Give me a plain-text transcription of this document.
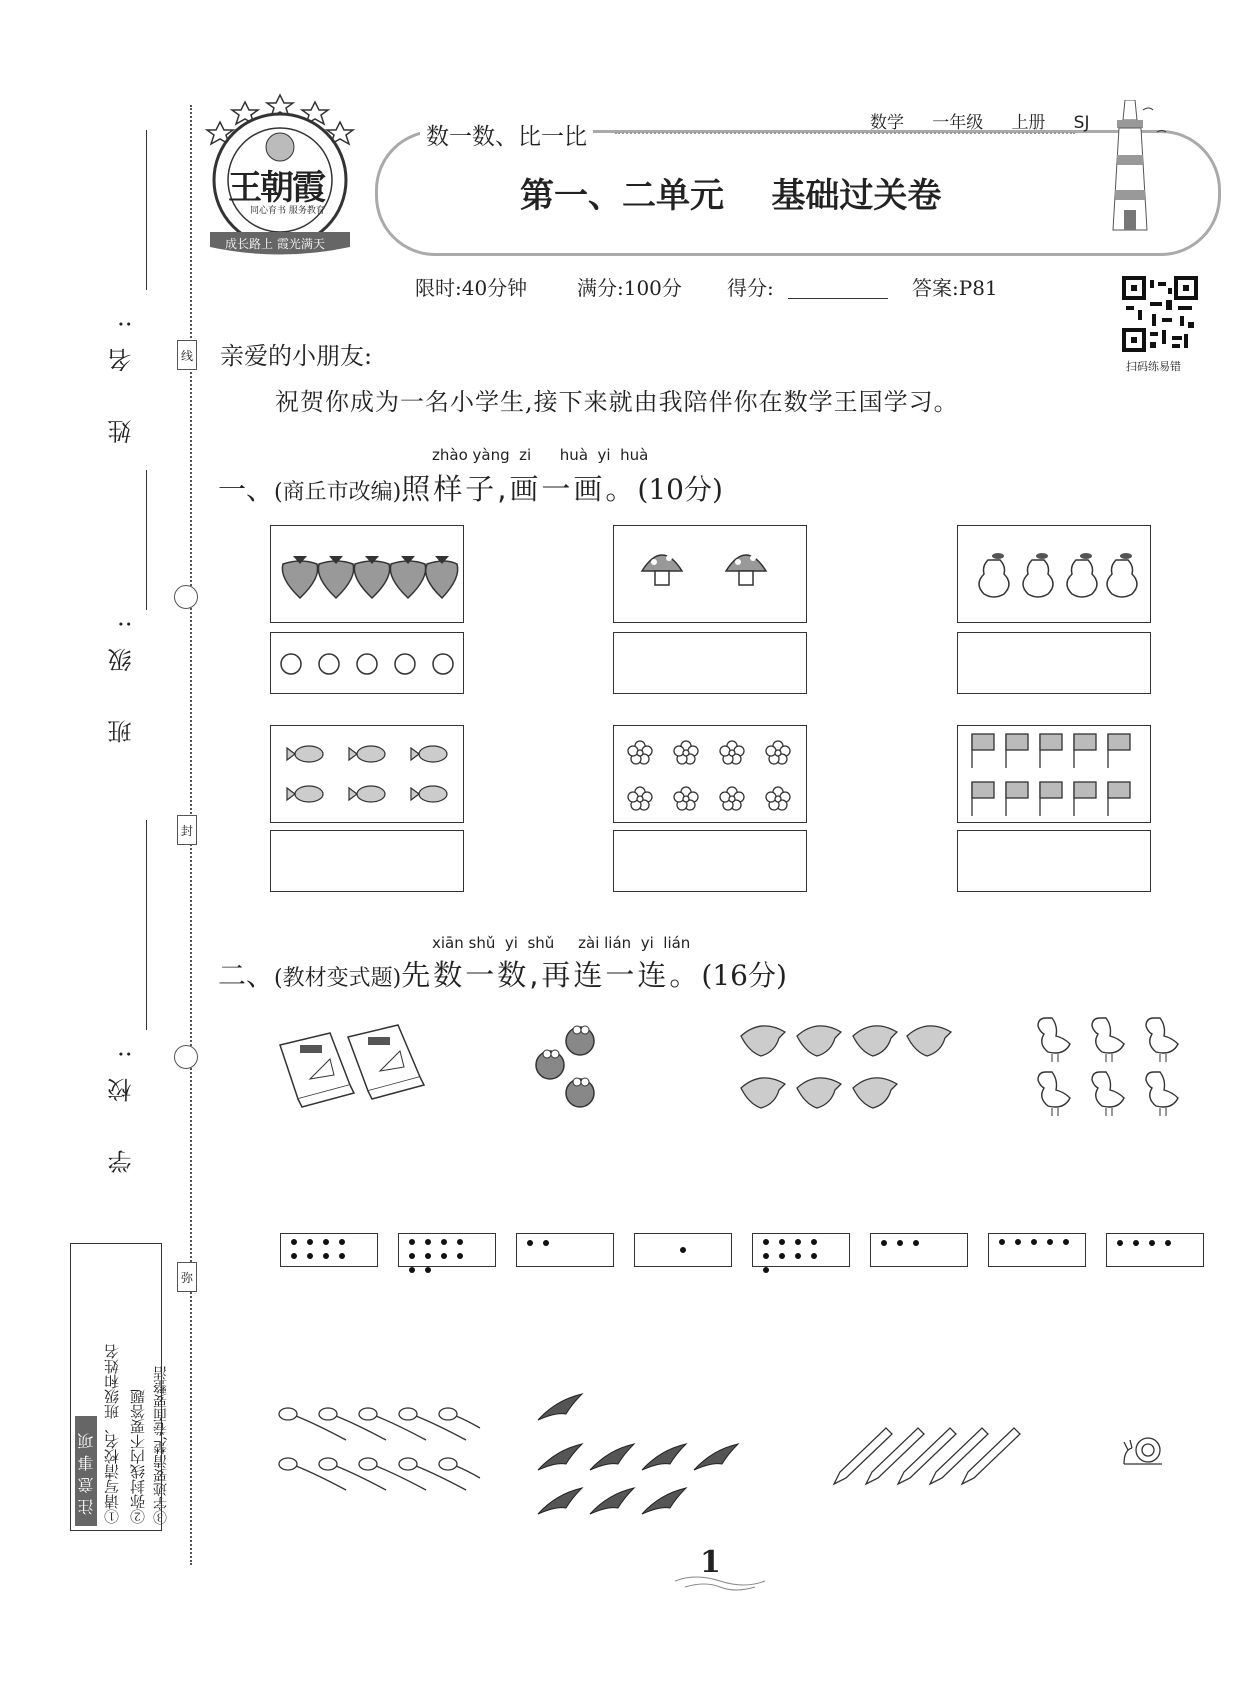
姓 名:
班 级:
学 校:
线
封
弥
注意事项 ①请写清校名、班级和姓名 ②弥封线内不要答题 ③字迹要清楚,卷面要整洁
数学 一年级 上册 SJ
数一数、比一比
第一、二单元    基础过关卷
王朝霞
同心育书 服务教育
成长路上 霞光满天
限时:40分钟 满分:100分 得分:	答案:P81
扫码练易错
亲爱的小朋友:
祝贺你成为一名小学生,接下来就由我陪伴你在数学王国学习。
zhào yàng  zi      huà  yi  huà
一、(商丘市改编)照样子,画一画。(10分)
xiān shǔ  yi  shǔ     zài lián  yi  lián
二、(教材变式题)先数一数,再连一连。(16分)
1
